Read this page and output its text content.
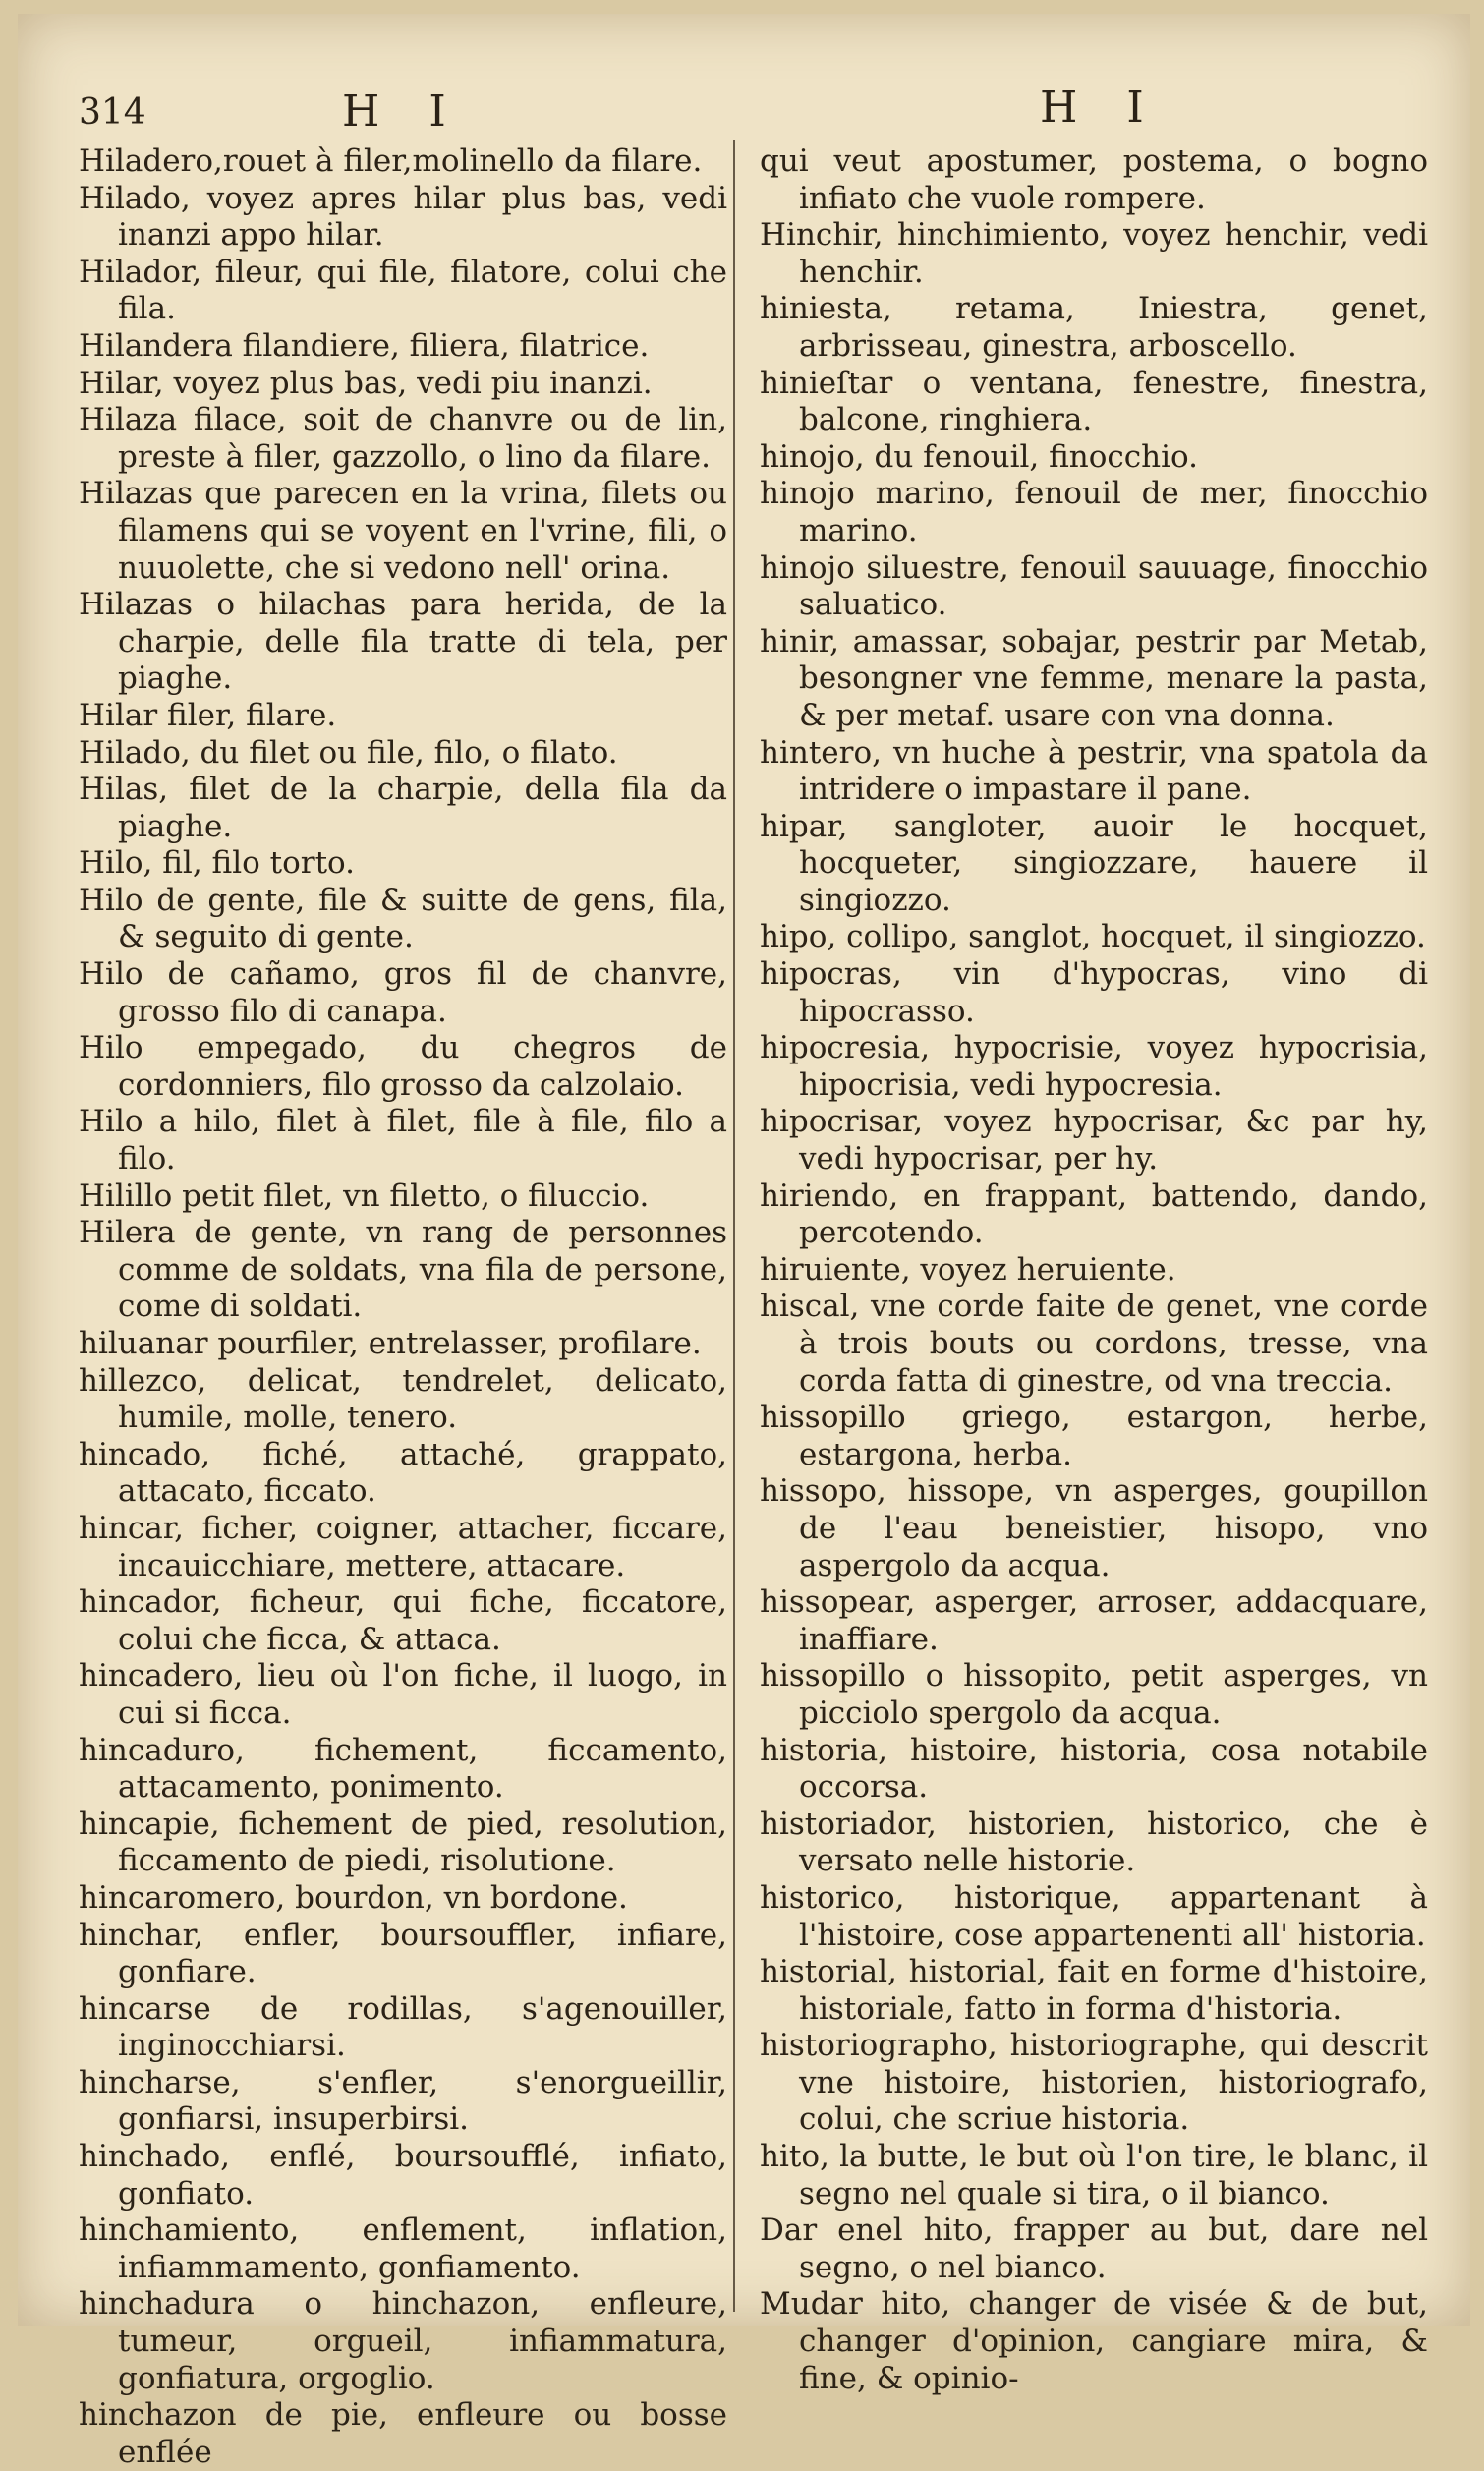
314	H I	H I

Hiladero,rouet à filer,molinello da filare.

Hilado, voyez apres hilar plus bas, vedi inanzi appo hilar.

Hilador, fileur, qui file, filatore, colui che fila.

Hilandera filandiere, filiera, filatrice.

Hilar, voyez plus bas, vedi piu inanzi.

Hilaza filace, soit de chanvre ou de lin, preste à filer, gazzollo, o lino da filare.

Hilazas que parecen en la vrina, filets ou filamens qui se voyent en l'vrine, fili, o nuuolette, che si vedono nell' orina.

Hilazas o hilachas para herida, de la charpie, delle fila tratte di tela, per piaghe.

Hilar filer, filare.

Hilado, du filet ou file, filo, o filato.

Hilas, filet de la charpie, della fila da piaghe.

Hilo, fil, filo torto.

Hilo de gente, file & suitte de gens, fila, & seguito di gente.

Hilo de cañamo, gros fil de chanvre, grosso filo di canapa.

Hilo empegado, du chegros de cordonniers, filo grosso da calzolaio.

Hilo a hilo, filet à filet, file à file, filo a filo.

Hilillo petit filet, vn filetto, o filuccio.

Hilera de gente, vn rang de personnes comme de soldats, vna fila de persone, come di soldati.

hiluanar pourfiler, entrelasser, profilare.

hillezco, delicat, tendrelet, delicato, humile, molle, tenero.

hincado, fiché, attaché, grappato, attacato, ficcato.

hincar, ficher, coigner, attacher, ficcare, incauicchiare, mettere, attacare.

hincador, ficheur, qui fiche, ficcatore, colui che ficca, & attaca.

hincadero, lieu où l'on fiche, il luogo, in cui si ficca.

hincaduro, fichement, ficcamento, attacamento, ponimento.

hincapie, fichement de pied, resolution, ficcamento de piedi, risolutione.

hincaromero, bourdon, vn bordone.

hinchar, enfler, boursouffler, infiare, gonfiare.

hincarse de rodillas, s'agenouiller, inginocchiarsi.

hincharse, s'enfler, s'enorgueillir, gonfiarsi, insuperbirsi.

hinchado, enflé, boursoufflé, infiato, gonfiato.

hinchamiento, enflement, inflation, infiammamento, gonfiamento.

hinchadura o hinchazon, enfleure, tumeur, orgueil, infiammatura, gonfiatura, orgoglio.

hinchazon de pie, enfleure ou bosse enflée

qui veut apostumer, postema, o bogno infiato che vuole rompere.

Hinchir, hinchimiento, voyez henchir, vedi henchir.

hiniesta, retama, Iniestra, genet, arbrisseau, ginestra, arboscello.

hinieſtar o ventana, fenestre, finestra, balcone, ringhiera.

hinojo, du fenouil, finocchio.

hinojo marino, fenouil de mer, finocchio marino.

hinojo siluestre, fenouil sauuage, finocchio saluatico.

hinir, amassar, sobajar, pestrir par Metab, besongner vne femme, menare la pasta, & per metaf. usare con vna donna.

hintero, vn huche à pestrir, vna spatola da intridere o impastare il pane.

hipar, sangloter, auoir le hocquet, hocqueter, singiozzare, hauere il singiozzo.

hipo, collipo, sanglot, hocquet, il singiozzo.

hipocras, vin d'hypocras, vino di hipocrasso.

hipocresia, hypocrisie, voyez hypocrisia, hipocrisia, vedi hypocresia.

hipocrisar, voyez hypocrisar, &c par hy, vedi hypocrisar, per hy.

hiriendo, en frappant, battendo, dando, percotendo.

hiruiente, voyez heruiente.

hiscal, vne corde faite de genet, vne corde à trois bouts ou cordons, tresse, vna corda fatta di ginestre, od vna treccia.

hissopillo griego, estargon, herbe, estargona, herba.

hissopo, hissope, vn asperges, goupillon de l'eau beneistier, hisopo, vno aspergolo da acqua.

hissopear, asperger, arroser, addacquare, inaffiare.

hissopillo o hissopito, petit asperges, vn picciolo spergolo da acqua.

historia, histoire, historia, cosa notabile occorsa.

historiador, historien, historico, che è versato nelle historie.

historico, historique, appartenant à l'histoire, cose appartenenti all' historia.

historial, historial, fait en forme d'histoire, historiale, fatto in forma d'historia.

historiographo, historiographe, qui descrit vne histoire, historien, historiografo, colui, che scriue historia.

hito, la butte, le but où l'on tire, le blanc, il segno nel quale si tira, o il bianco.

Dar enel hito, frapper au but, dare nel segno, o nel bianco.

Mudar hito, changer de visée & de but, changer d'opinion, cangiare mira, & fine, & opinio-
